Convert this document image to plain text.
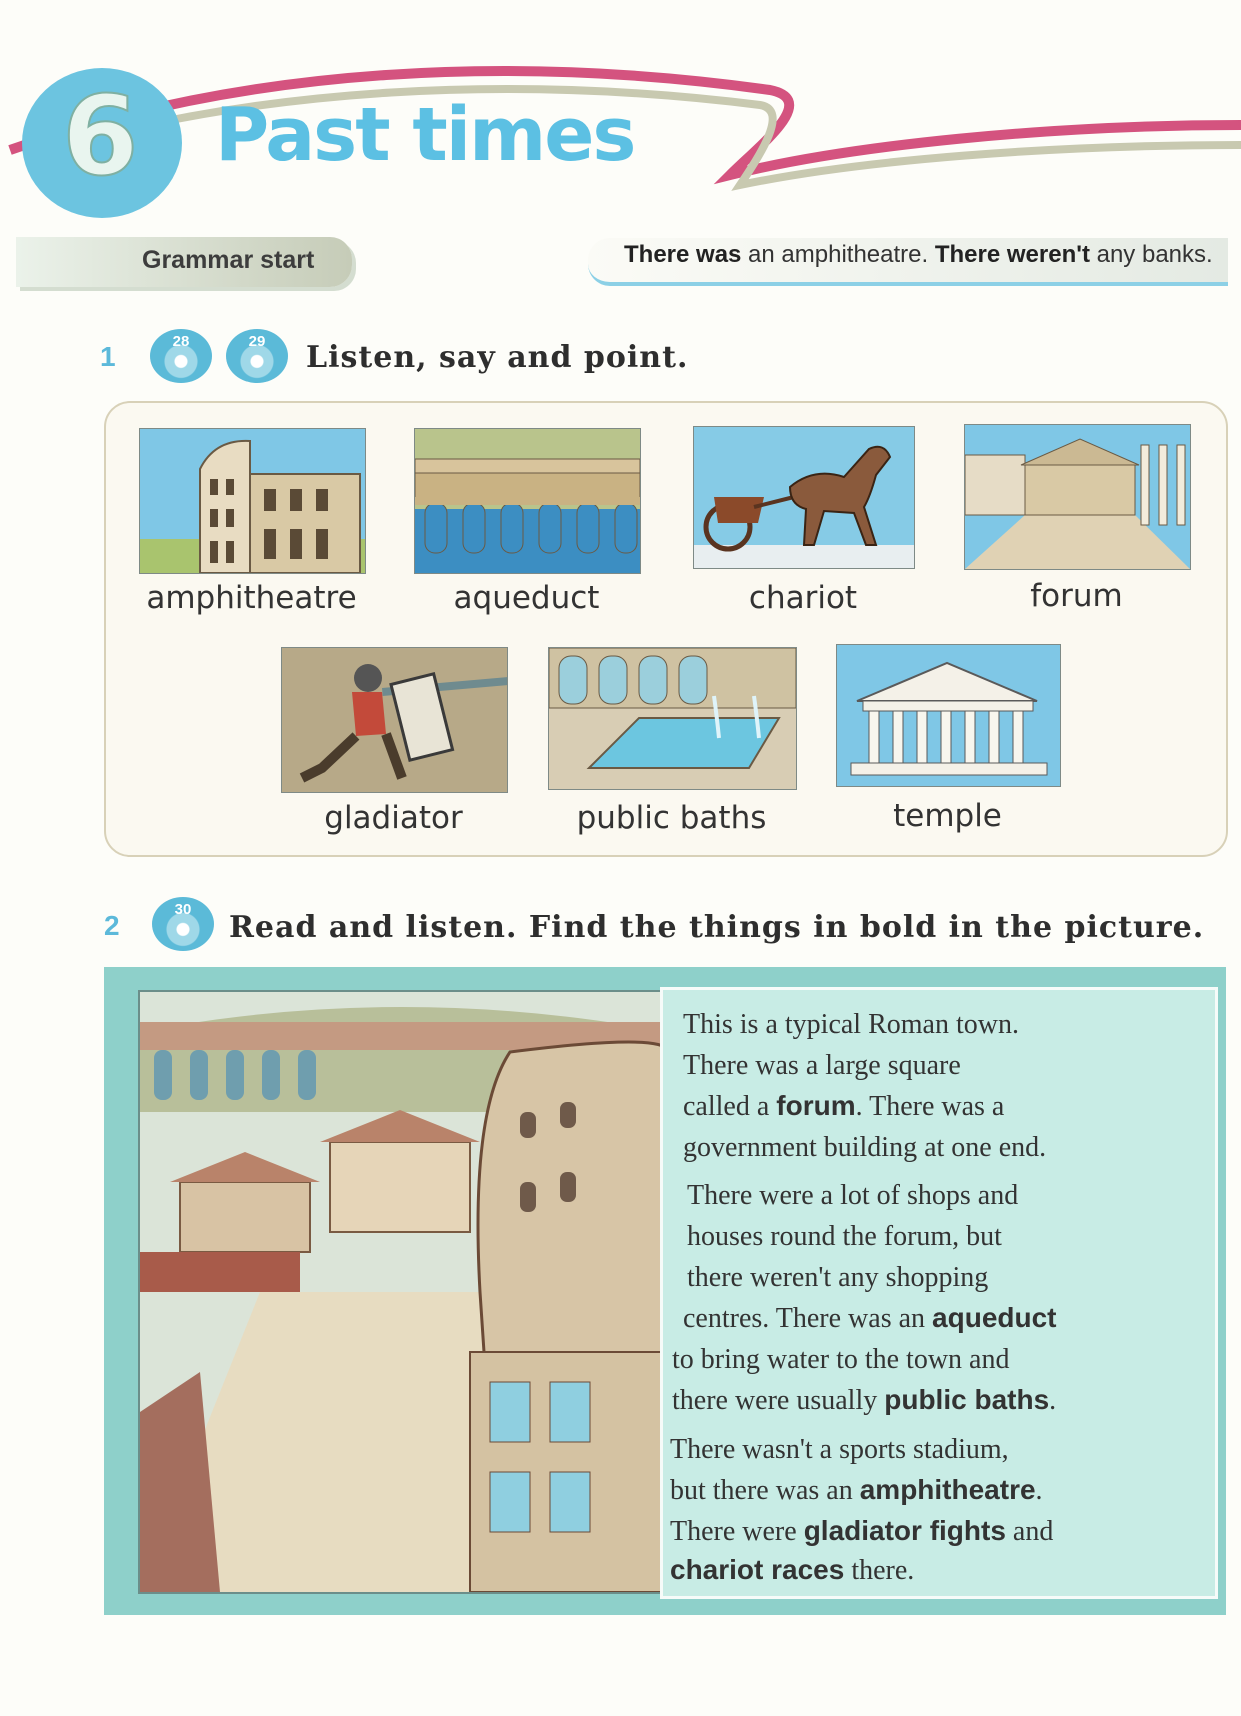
6 Past times
Grammar start	There was an amphitheatre. There weren't any banks.
1	28	29	Listen, say and point.
amphitheatre	aqueduct	chariot	forum
gladiator	public baths	temple
2
30
Read and listen. Find the things in bold in the picture.
This is a typical Roman town.
There was a large square
called a forum. There was a
government building at one end.
There were a lot of shops and
houses round the forum, but
there weren't any shopping
centres. There was an aqueduct
to bring water to the town and
there were usually public baths.
There wasn't a sports stadium,
but there was an amphitheatre.
There were gladiator fights and
chariot races there.
